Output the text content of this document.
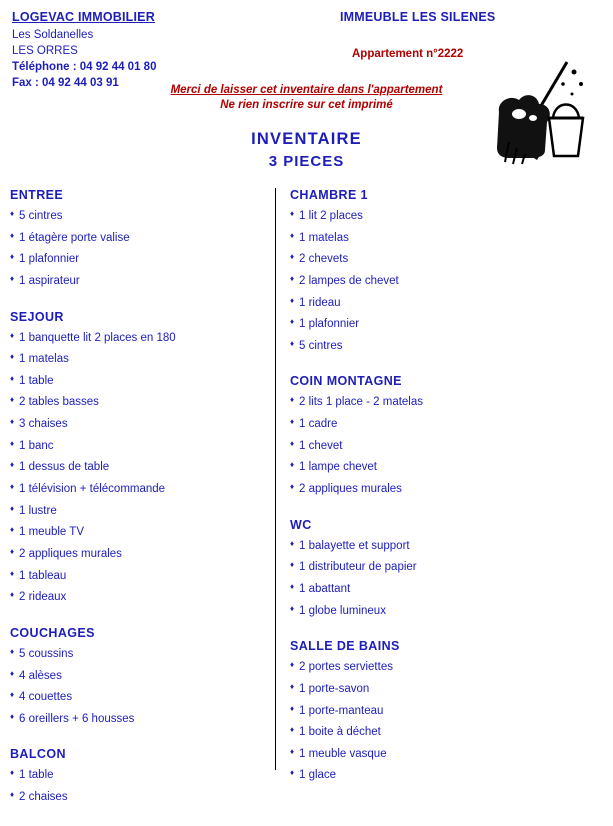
LOGEVAC IMMOBILIER
Les Soldanelles
LES ORRES
Téléphone : 04 92 44 01 80
Fax : 04 92 44 03 91
IMMEUBLE LES SILENES
Appartement n°2222
Merci de laisser cet inventaire dans l'appartement
Ne rien inscrire sur cet imprimé
INVENTAIRE
3 PIECES
ENTREE
♦ 5 cintres
♦ 1 étagère porte valise
♦ 1 plafonnier
♦ 1 aspirateur
SEJOUR
♦ 1 banquette lit 2 places en 180
♦ 1 matelas
♦ 1 table
♦ 2 tables basses
♦ 3 chaises
♦ 1 banc
♦ 1 dessus de table
♦ 1 télévision + télécommande
♦ 1 lustre
♦ 1 meuble TV
♦ 2 appliques murales
♦ 1 tableau
♦ 2 rideaux
COUCHAGES
♦ 5 coussins
♦ 4 alèses
♦ 4 couettes
♦ 6 oreillers + 6 housses
BALCON
♦ 1 table
♦ 2 chaises
CHAMBRE 1
♦ 1 lit 2 places
♦ 1 matelas
♦ 2 chevets
♦ 2 lampes de chevet
♦ 1 rideau
♦ 1 plafonnier
♦ 5 cintres
COIN MONTAGNE
♦ 2 lits 1 place - 2 matelas
♦ 1 cadre
♦ 1 chevet
♦ 1 lampe chevet
♦ 2 appliques murales
WC
♦ 1 balayette et support
♦ 1 distributeur de papier
♦ 1 abattant
♦ 1 globe lumineux
SALLE DE BAINS
♦ 2 portes serviettes
♦ 1 porte-savon
♦ 1 porte-manteau
♦ 1 boite à déchet
♦ 1 meuble vasque
♦ 1 glace
